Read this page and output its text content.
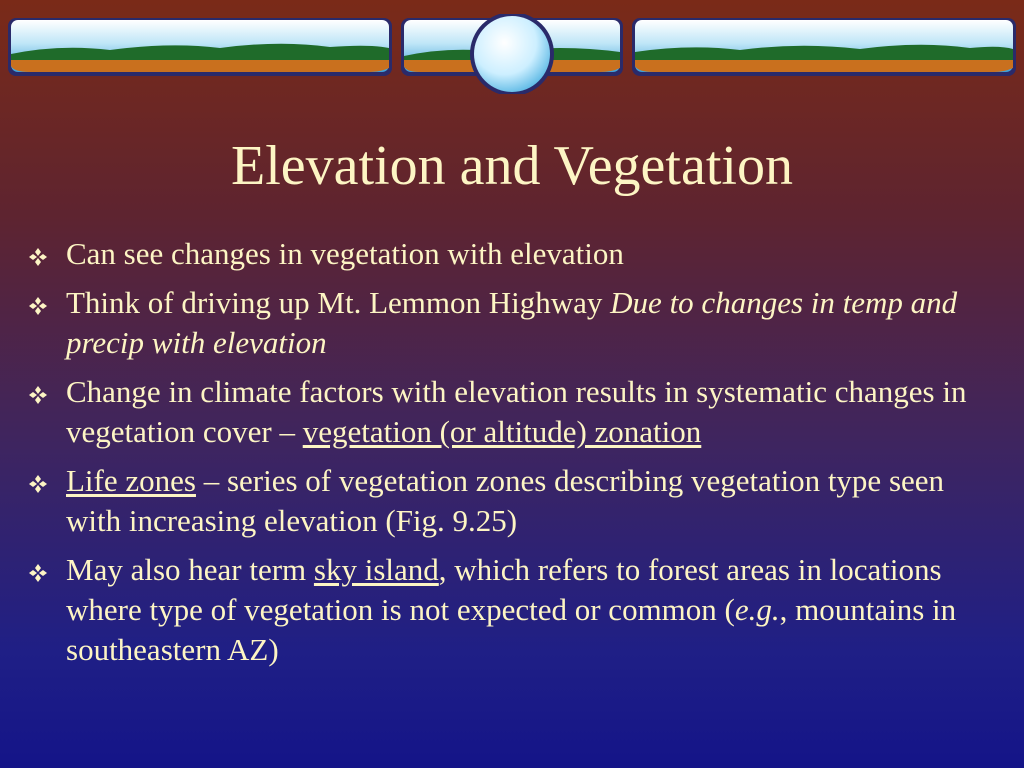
Elevation and Vegetation
Can see changes in vegetation with elevation
Think of driving up Mt. Lemmon Highway Due to changes in temp and precip with elevation
Change in climate factors with elevation results in systematic changes in vegetation cover – vegetation (or altitude) zonation
Life zones – series of vegetation zones describing vegetation type seen with increasing elevation (Fig. 9.25)
May also hear term sky island, which refers to forest areas in locations where type of vegetation is not expected or common (e.g., mountains in southeastern AZ)
